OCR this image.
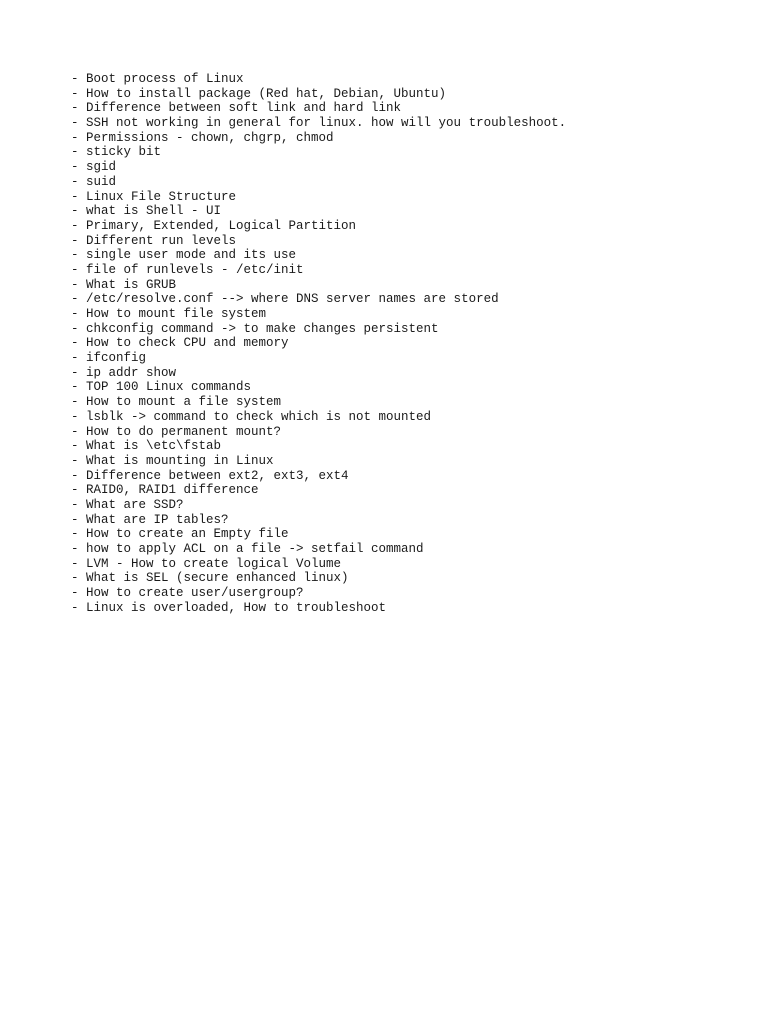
- Boot process of Linux
- How to install package (Red hat, Debian, Ubuntu)
- Difference between soft link and hard link
- SSH not working in general for linux. how will you troubleshoot.
- Permissions - chown, chgrp, chmod
- sticky bit
- sgid
- suid
- Linux File Structure
- what is Shell - UI
- Primary, Extended, Logical Partition
- Different run levels
- single user mode and its use
- file of runlevels - /etc/init
- What is GRUB
- /etc/resolve.conf --> where DNS server names are stored
- How to mount file system
- chkconfig command -> to make changes persistent
- How to check CPU and memory
- ifconfig
- ip addr show
- TOP 100 Linux commands
- How to mount a file system
- lsblk -> command to check which is not mounted
- How to do permanent mount?
- What is \etc\fstab
- What is mounting in Linux
- Difference between ext2, ext3, ext4
- RAID0, RAID1 difference
- What are SSD?
- What are IP tables?
- How to create an Empty file
- how to apply ACL on a file -> setfail command
- LVM - How to create logical Volume
- What is SEL (secure enhanced linux)
- How to create user/usergroup?
- Linux is overloaded, How to troubleshoot
